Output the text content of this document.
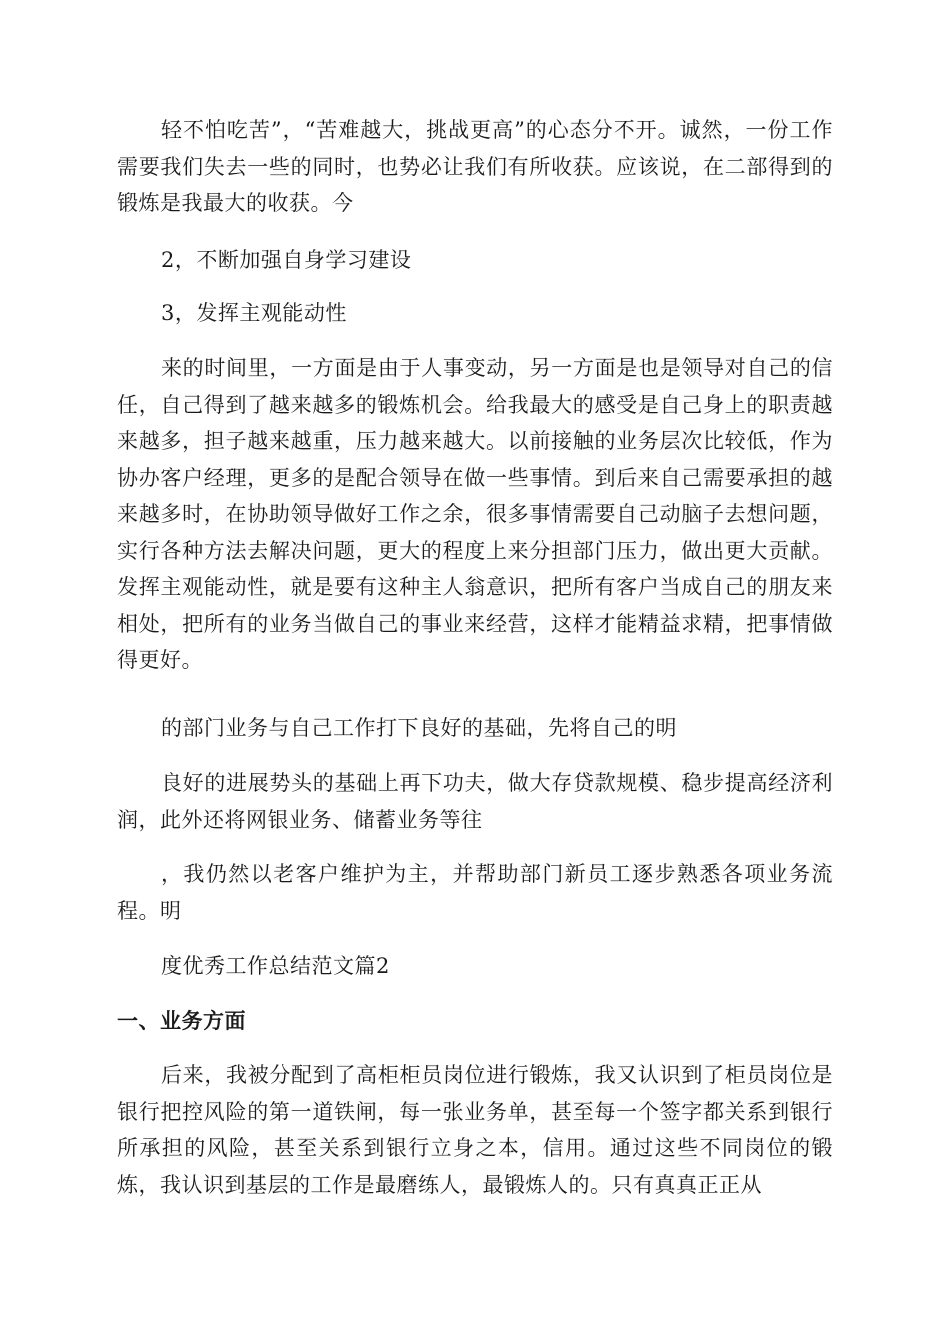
轻不怕吃苦”，“苦难越大，挑战更高”的心态分不开。诚然，一份工作需要我们失去一些的同时，也势必让我们有所收获。应该说，在二部得到的锻炼是我最大的收获。今

2，不断加强自身学习建设

3，发挥主观能动性

来的时间里，一方面是由于人事变动，另一方面是也是领导对自己的信任，自己得到了越来越多的锻炼机会。给我最大的感受是自己身上的职责越来越多，担子越来越重，压力越来越大。以前接触的业务层次比较低，作为协办客户经理，更多的是配合领导在做一些事情。到后来自己需要承担的越来越多时，在协助领导做好工作之余，很多事情需要自己动脑子去想问题，实行各种方法去解决问题，更大的程度上来分担部门压力，做出更大贡献。发挥主观能动性，就是要有这种主人翁意识，把所有客户当成自己的朋友来相处，把所有的业务当做自己的事业来经营，这样才能精益求精，把事情做得更好。

的部门业务与自己工作打下良好的基础，先将自己的明

良好的进展势头的基础上再下功夫，做大存贷款规模、稳步提高经济利润，此外还将网银业务、储蓄业务等往

，我仍然以老客户维护为主，并帮助部门新员工逐步熟悉各项业务流程。明

度优秀工作总结范文篇2

一、业务方面

后来，我被分配到了高柜柜员岗位进行锻炼，我又认识到了柜员岗位是银行把控风险的第一道铁闸，每一张业务单，甚至每一个签字都关系到银行所承担的风险，甚至关系到银行立身之本，信用。通过这些不同岗位的锻炼，我认识到基层的工作是最磨练人，最锻炼人的。只有真真正正从
